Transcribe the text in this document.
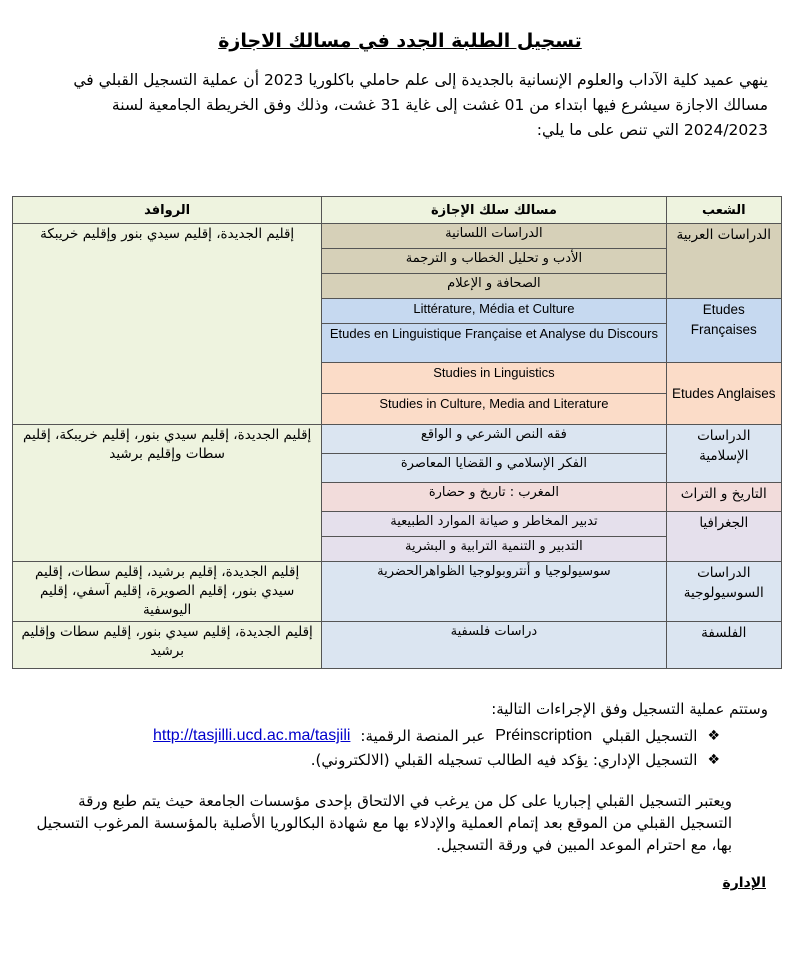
تسجيل الطلبة الجدد في مسالك الاجازة
ينهي عميد كلية الآداب والعلوم الإنسانية بالجديدة إلى علم حاملي باكلوريا 2023 أن عملية التسجيل القبلي في مسالك الاجازة سيشرع فيها ابتداء من 01 غشت إلى غاية 31 غشت، وذلك وفق الخريطة الجامعية لسنة 2024/2023 التي تنص على ما يلي:
الشعب	مسالك سلك الإجازة	الروافد
الدراسات العربية	الدراسات اللسانية	إقليم الجديدة، إقليم سيدي بنور وإقليم خريبكة
	الأدب و تحليل الخطاب و الترجمة	
	الصحافة و الإعلام	
Etudes Françaises	Littérature, Média et Culture	
	Etudes en Linguistique Française et Analyse du Discours	
Etudes Anglaises	Studies in Linguistics	
	Studies in Culture, Media and Literature	
الدراسات الإسلامية	فقه النص الشرعي و الواقع	إقليم الجديدة، إقليم سيدي بنور، إقليم خريبكة، إقليم سطات وإقليم برشيد
	الفكر الإسلامي و القضايا المعاصرة	
التاريخ و التراث	المغرب : تاريخ و حضارة	
الجغرافيا	تدبير المخاطر و صيانة الموارد الطبيعية	
	التدبير و التنمية الترابية و البشرية	
الدراسات السوسيولوجية	سوسيولوجيا و أنتروبولوجيا الظواهرالحضرية	إقليم الجديدة، إقليم برشيد، إقليم سطات، إقليم سيدي بنور، إقليم الصويرة، إقليم آسفي، إقليم اليوسفية
الفلسفة	دراسات فلسفية	إقليم الجديدة، إقليم سيدي بنور، إقليم سطات وإقليم برشيد
وستتم عملية التسجيل وفق الإجراءات التالية:
❖
التسجيل القبلي
Préinscription
عبر المنصة الرقمية:
http://tasjilli.ucd.ac.ma/tasjili
❖
التسجيل الإداري: يؤكد فيه الطالب تسجيله القبلي (الالكتروني).
ويعتبر التسجيل القبلي إجباريا على كل من يرغب في الالتحاق بإحدى مؤسسات الجامعة حيث يتم طبع ورقة التسجيل القبلي من الموقع بعد إتمام العملية والإدلاء بها مع شهادة البكالوريا الأصلية بالمؤسسة المرغوب التسجيل بها، مع احترام الموعد المبين في ورقة التسجيل.
الإدارة
